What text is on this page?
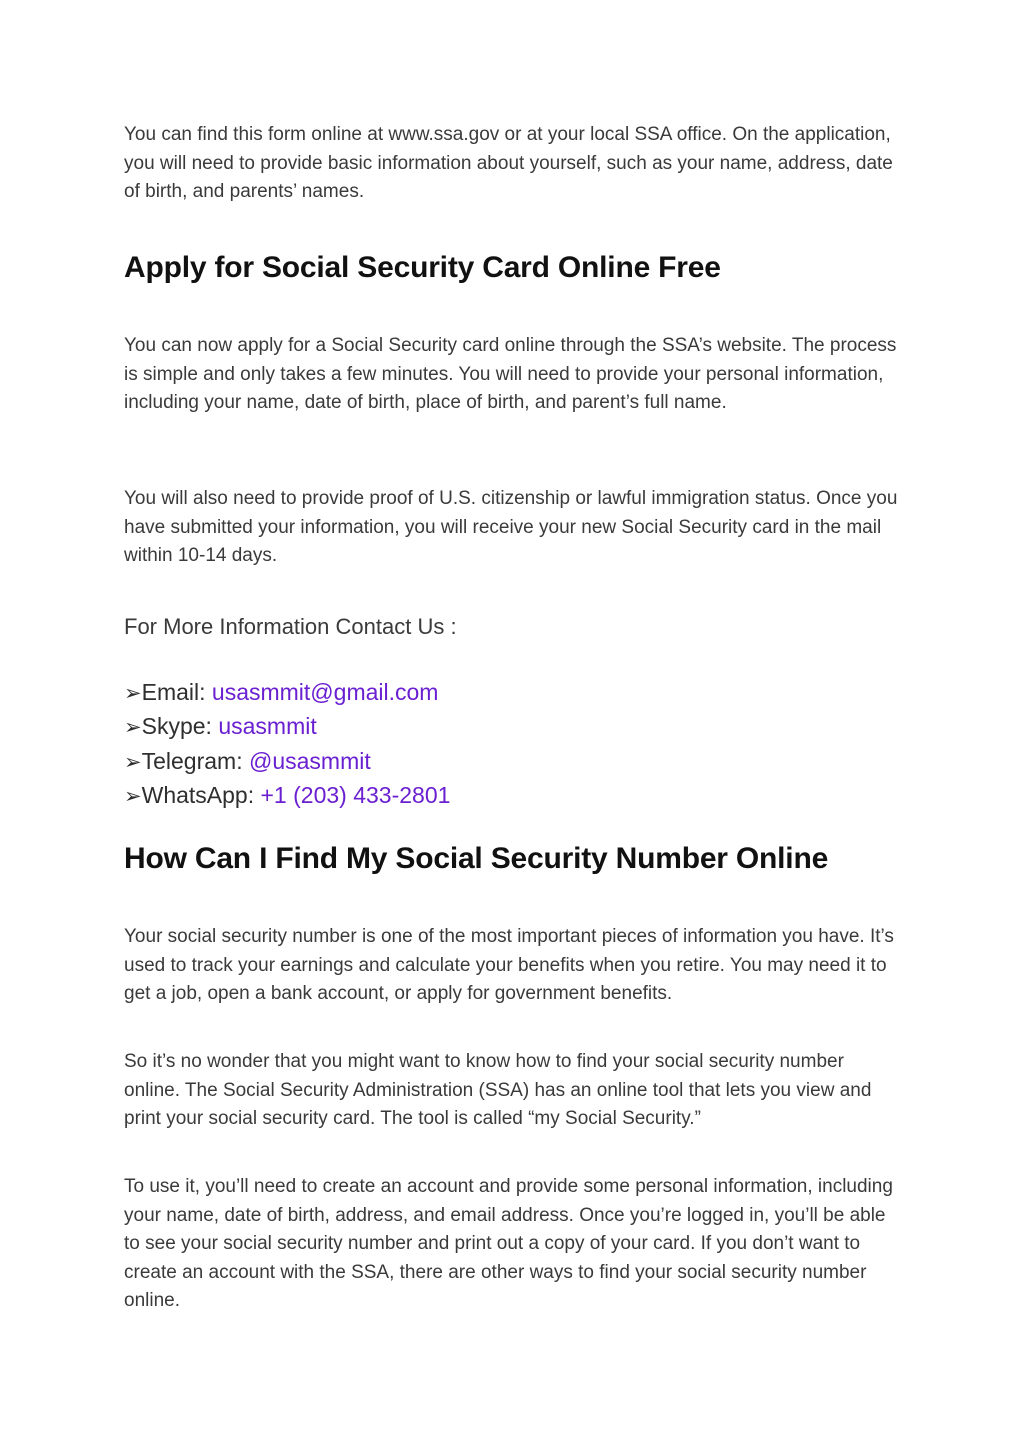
You can find this form online at www.ssa.gov or at your local SSA office. On the application, you will need to provide basic information about yourself, such as your name, address, date of birth, and parents’ names.

Apply for Social Security Card Online Free

You can now apply for a Social Security card online through the SSA’s website. The process is simple and only takes a few minutes. You will need to provide your personal information, including your name, date of birth, place of birth, and parent’s full name.

You will also need to provide proof of U.S. citizenship or lawful immigration status. Once you have submitted your information, you will receive your new Social Security card in the mail within 10-14 days.

For More Information Contact Us :

➢Email: usasmmit@gmail.com
➢Skype: usasmmit
➢Telegram: @usasmmit
➢WhatsApp: +1 (203) 433-2801
How Can I Find My Social Security Number Online

Your social security number is one of the most important pieces of information you have. It’s used to track your earnings and calculate your benefits when you retire. You may need it to get a job, open a bank account, or apply for government benefits.

So it’s no wonder that you might want to know how to find your social security number online. The Social Security Administration (SSA) has an online tool that lets you view and print your social security card. The tool is called “my Social Security.”

To use it, you’ll need to create an account and provide some personal information, including your name, date of birth, address, and email address. Once you’re logged in, you’ll be able to see your social security number and print out a copy of your card. If you don’t want to create an account with the SSA, there are other ways to find your social security number online.
